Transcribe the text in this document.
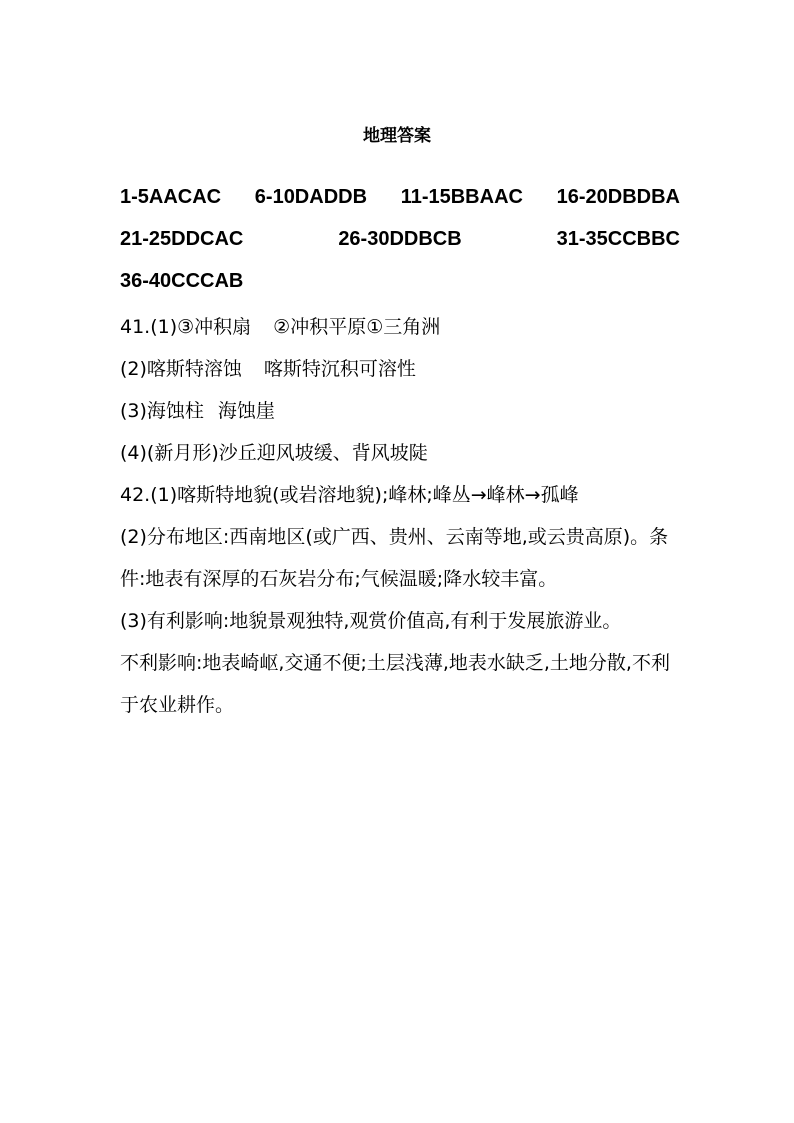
地理答案
1-5AACAC 6-10DADDB 11-15BBAAC 16-20DBDBA
21-25DDCAC	26-30DDBCB	31-35CCBBC
36-40CCCAB
41.(1)③冲积扇 ②冲积平原①三角洲
(2)喀斯特溶蚀 喀斯特沉积可溶性
(3)海蚀柱 海蚀崖
(4)(新月形)沙丘迎风坡缓、背风坡陡
42.(1)喀斯特地貌(或岩溶地貌);峰林;峰丛→峰林→孤峰
(2)分布地区:西南地区(或广西、贵州、云南等地,或云贵高原)。条件:地表有深厚的石灰岩分布;气候温暖;降水较丰富。
(3)有利影响:地貌景观独特,观赏价值高,有利于发展旅游业。
不利影响:地表崎岖,交通不便;土层浅薄,地表水缺乏,土地分散,不利于农业耕作。
